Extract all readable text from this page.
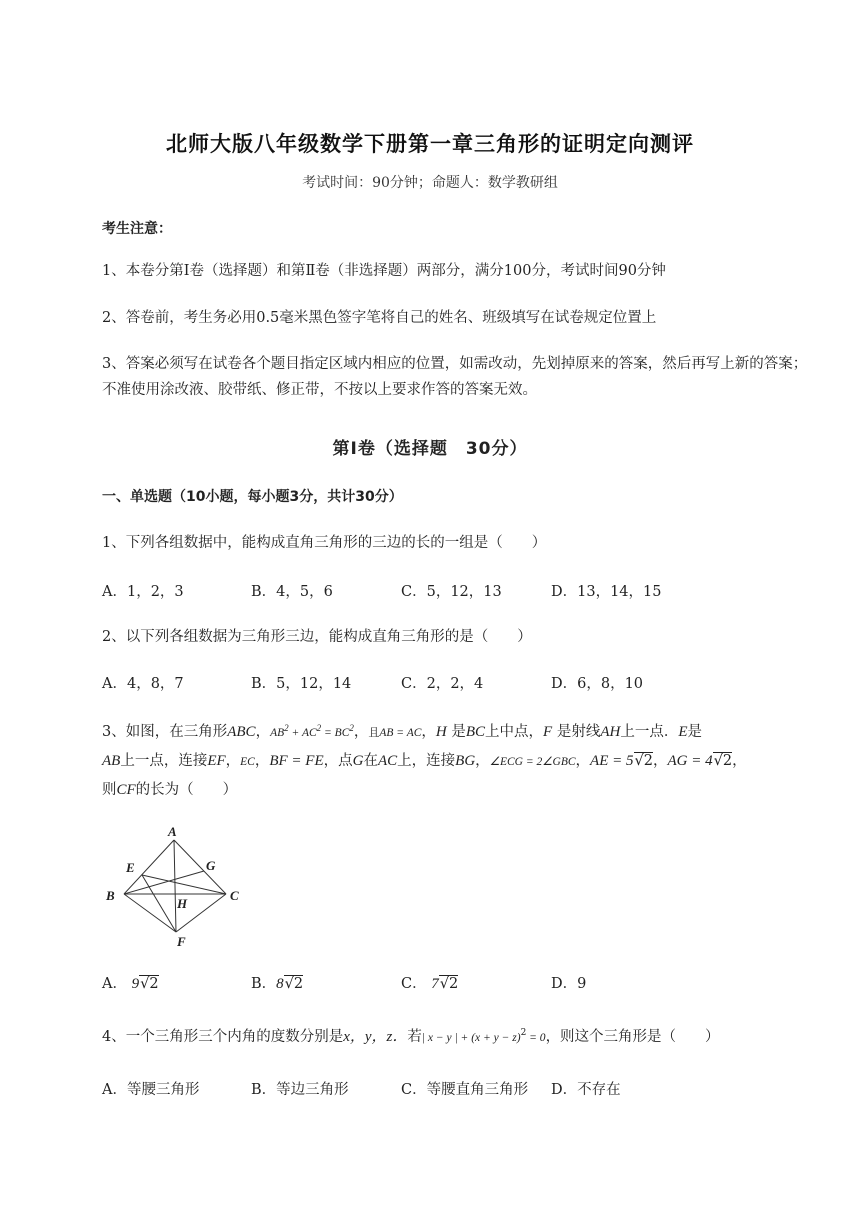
北师大版八年级数学下册第一章三角形的证明定向测评
考试时间：90分钟；命题人：数学教研组
考生注意：
1、本卷分第Ⅰ卷（选择题）和第Ⅱ卷（非选择题）两部分，满分100分，考试时间90分钟
2、答卷前，考生务必用0.5毫米黑色签字笔将自己的姓名、班级填写在试卷规定位置上
3、答案必须写在试卷各个题目指定区域内相应的位置，如需改动，先划掉原来的答案，然后再写上新的答案；不准使用涂改液、胶带纸、修正带，不按以上要求作答的答案无效。
第Ⅰ卷（选择题　30分）
一、单选题（10小题，每小题3分，共计30分）
1、下列各组数据中，能构成直角三角形的三边的长的一组是（　　）
A．1，2，3	B．4，5，6	C．5，12，13	D．13，14，15
2、以下列各组数据为三角形三边，能构成直角三角形的是（　　）
A．4，8，7	B．5，12，14	C．2，2，4	D．6，8，10
3、如图，在三角形ABC，$AB^2 + AC^2 = BC^2$，且AB = AC，H 是BC上中点，F 是射线AH上一点．E是
AB上一点，连接EF，EC，BF = FE，点G在AC上，连接BG，∠ECG = 2∠GBC，AE = 5√2，AG = 4√2，
则CF的长为（　　）
A
E	G
B
H
C
F
A． 9√2	B．8√2	C． 7√2	D．9
4、一个三角形三个内角的度数分别是x，y，z．若| x − y | + $(x + y - z)^2 = 0$，则这个三角形是（　　）
A．等腰三角形	B．等边三角形	C．等腰直角三角形 D．不存在
